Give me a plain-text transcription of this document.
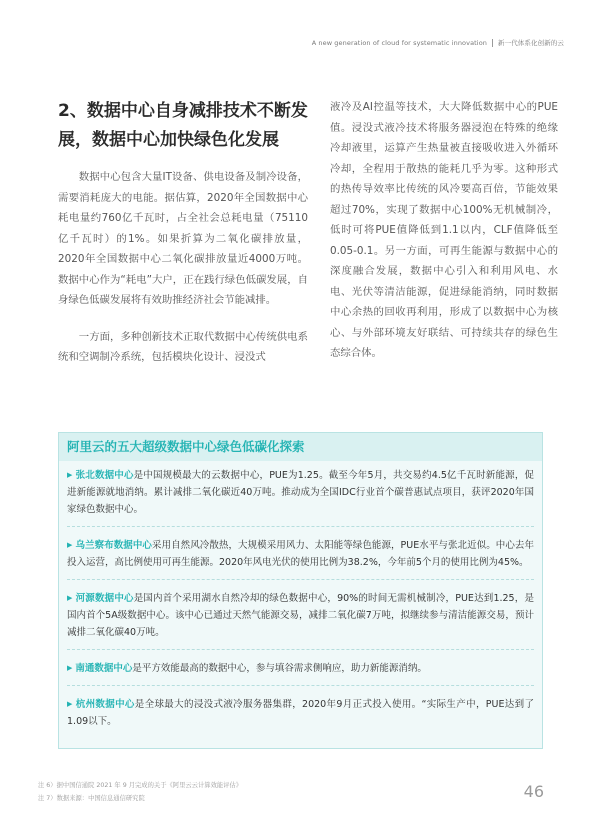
A new generation of cloud for systematic innovation 新一代体系化创新的云
2、数据中心自身减排技术不断发展，数据中心加快绿色化发展

数据中心包含大量IT设备、供电设备及制冷设备，需要消耗庞大的电能。据估算，2020年全国数据中心耗电量约760亿千瓦时，占全社会总耗电量（75110亿千瓦时）的1%。如果折算为二氧化碳排放量，2020年全国数据中心二氧化碳排放量近4000万吨。数据中心作为“耗电”大户，正在践行绿色低碳发展，自身绿色低碳发展将有效助推经济社会节能减排。

一方面，多种创新技术正取代数据中心传统供电系统和空调制冷系统，包括模块化设计、浸没式

液冷及AI控温等技术，大大降低数据中心的PUE值。浸没式液冷技术将服务器浸泡在特殊的绝缘冷却液里，运算产生热量被直接吸收进入外循环冷却，全程用于散热的能耗几乎为零。这种形式的热传导效率比传统的风冷要高百倍，节能效果超过70%，实现了数据中心100%无机械制冷，低时可将PUE值降低到1.1以内，CLF值降低至0.05-0.1。另一方面，可再生能源与数据中心的深度融合发展，数据中心引入和利用风电、水电、光伏等清洁能源，促进绿能消纳，同时数据中心余热的回收再利用，形成了以数据中心为核心、与外部环境友好联结、可持续共存的绿色生态综合体。

阿里云的五大超级数据中心绿色低碳化探索
▶ 张北数据中心是中国规模最大的云数据中心，PUE为1.25。截至今年5月，共交易约4.5亿千瓦时新能源，促进新能源就地消纳。累计减排二氧化碳近40万吨。推动成为全国IDC行业首个碳普惠试点项目，获评2020年国家绿色数据中心。
▶ 乌兰察布数据中心采用自然风冷散热，大规模采用风力、太阳能等绿色能源，PUE水平与张北近似。中心去年投入运营，高比例使用可再生能源。2020年风电光伏的使用比例为38.2%，今年前5个月的使用比例为45%。
▶ 河源数据中心是国内首个采用湖水自然冷却的绿色数据中心，90%的时间无需机械制冷，PUE达到1.25，是国内首个5A级数据中心。该中心已通过天然气能源交易，减排二氧化碳7万吨，拟继续参与清洁能源交易，预计减排二氧化碳40万吨。
▶ 南通数据中心是平方效能最高的数据中心，参与填谷需求侧响应，助力新能源消纳。
▶ 杭州数据中心是全球最大的浸没式液冷服务器集群，2020年9月正式投入使用。“实际生产中，PUE达到了1.09以下。
注 6）据中国信通院 2021 年 9 月完成的关于《阿里云云计算效能评估》
注 7）数据来源：中国信息通信研究院	46
